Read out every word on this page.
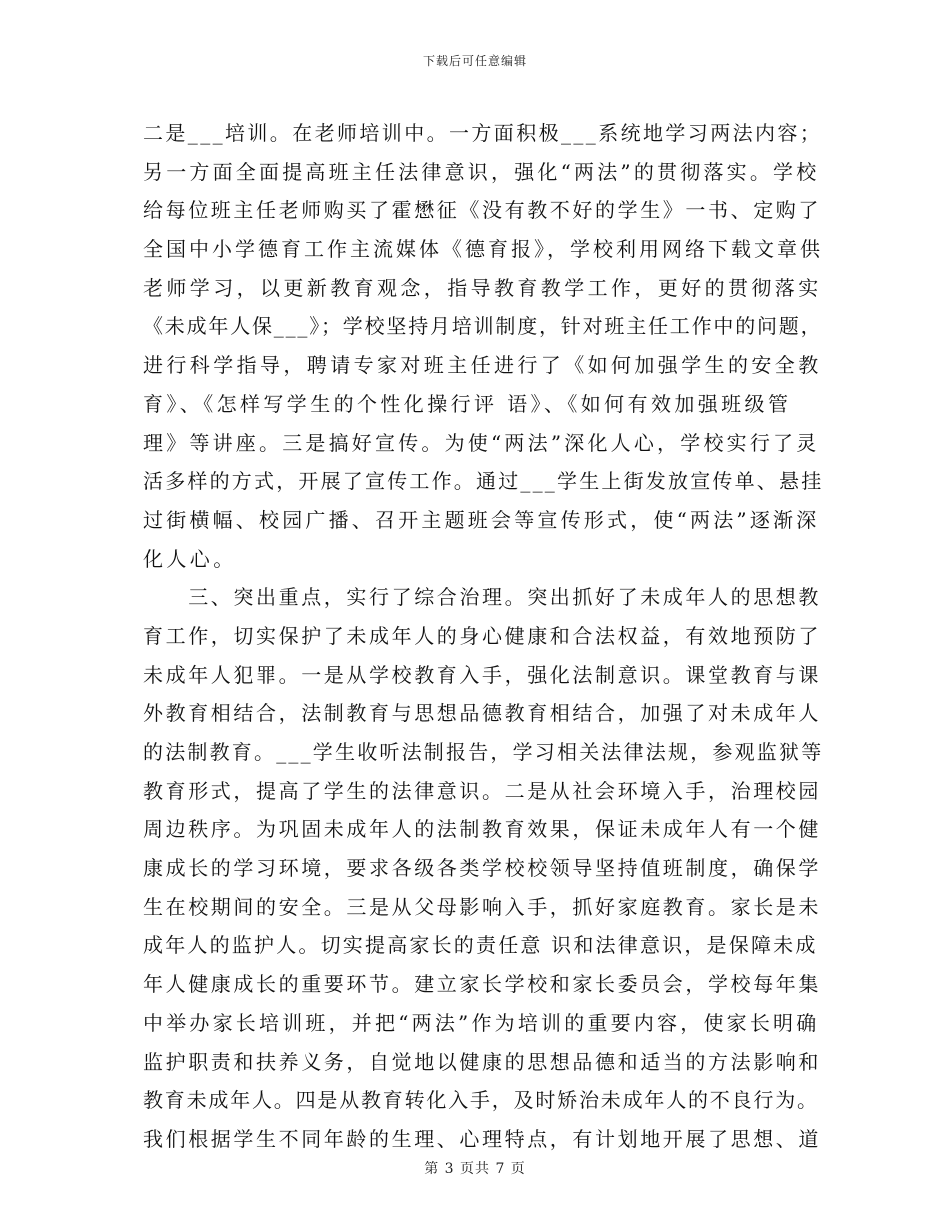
下载后可任意编辑
二是___培训。在老师培训中。一方面积极___系统地学习两法内容；
另一方面全面提高班主任法律意识，强化“两法”的贯彻落实。学校
给每位班主任老师购买了霍懋征《没有教不好的学生》一书、定购了
全国中小学德育工作主流媒体《德育报》，学校利用网络下载文章供
老师学习，以更新教育观念，指导教育教学工作，更好的贯彻落实
《未成年人保___》；学校坚持月培训制度，针对班主任工作中的问题，
进行科学指导，聘请专家对班主任进行了《如何加强学生的安全教
育》、《怎样写学生的个性化操行评 语》、《如何有效加强班级管
理》等讲座。三是搞好宣传。为使“两法”深化人心，学校实行了灵
活多样的方式，开展了宣传工作。通过___学生上街发放宣传单、悬挂
过街横幅、校园广播、召开主题班会等宣传形式，使“两法”逐渐深
化人心。
　　三、突出重点，实行了综合治理。突出抓好了未成年人的思想教
育工作，切实保护了未成年人的身心健康和合法权益，有效地预防了
未成年人犯罪。一是从学校教育入手，强化法制意识。课堂教育与课
外教育相结合，法制教育与思想品德教育相结合，加强了对未成年人
的法制教育。___学生收听法制报告，学习相关法律法规，参观监狱等
教育形式，提高了学生的法律意识。二是从社会环境入手，治理校园
周边秩序。为巩固未成年人的法制教育效果，保证未成年人有一个健
康成长的学习环境，要求各级各类学校校领导坚持值班制度，确保学
生在校期间的安全。三是从父母影响入手，抓好家庭教育。家长是未
成年人的监护人。切实提高家长的责任意 识和法律意识，是保障未成
年人健康成长的重要环节。建立家长学校和家长委员会，学校每年集
中举办家长培训班，并把“两法”作为培训的重要内容，使家长明确
监护职责和扶养义务，自觉地以健康的思想品德和适当的方法影响和
教育未成年人。四是从教育转化入手，及时矫治未成年人的不良行为。
我们根据学生不同年龄的生理、心理特点，有计划地开展了思想、道
第 3 页共 7 页
